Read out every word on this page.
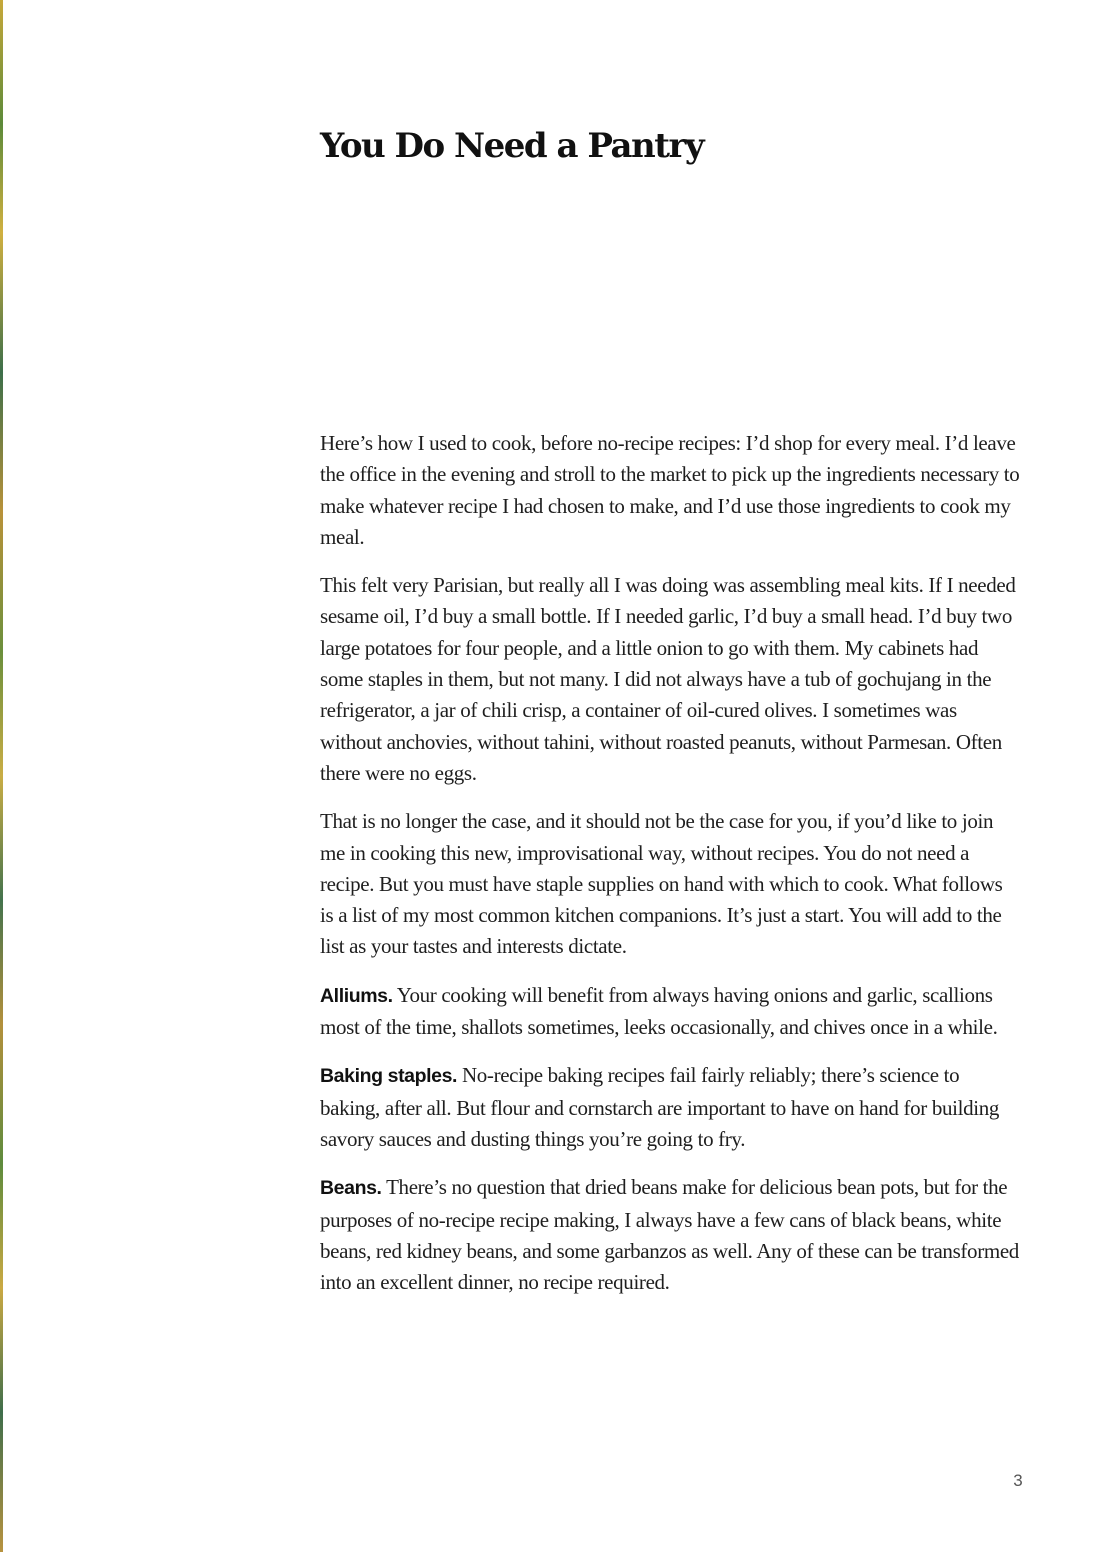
You Do Need a Pantry

Here’s how I used to cook, before no-recipe recipes: I’d shop for every meal. I’d leave the office in the evening and stroll to the market to pick up the ingredients necessary to make whatever recipe I had chosen to make, and I’d use those ingredients to cook my meal.

This felt very Parisian, but really all I was doing was assembling meal kits. If I needed sesame oil, I’d buy a small bottle. If I needed garlic, I’d buy a small head. I’d buy two large potatoes for four people, and a little onion to go with them. My cabinets had some staples in them, but not many. I did not always have a tub of gochujang in the refrigerator, a jar of chili crisp, a container of oil-cured olives. I sometimes was without anchovies, without tahini, without roasted peanuts, without Parmesan. Often there were no eggs.

That is no longer the case, and it should not be the case for you, if you’d like to join me in cooking this new, improvisational way, without recipes. You do not need a recipe. But you must have staple supplies on hand with which to cook. What follows is a list of my most common kitchen companions. It’s just a start. You will add to the list as your tastes and interests dictate.

Alliums. Your cooking will benefit from always having onions and garlic, scallions most of the time, shallots sometimes, leeks occasionally, and chives once in a while.

Baking staples. No-recipe baking recipes fail fairly reliably; there’s science to baking, after all. But flour and cornstarch are important to have on hand for building savory sauces and dusting things you’re going to fry.

Beans. There’s no question that dried beans make for delicious bean pots, but for the purposes of no-recipe recipe making, I always have a few cans of black beans, white beans, red kidney beans, and some garbanzos as well. Any of these can be transformed into an excellent dinner, no recipe required.

3
